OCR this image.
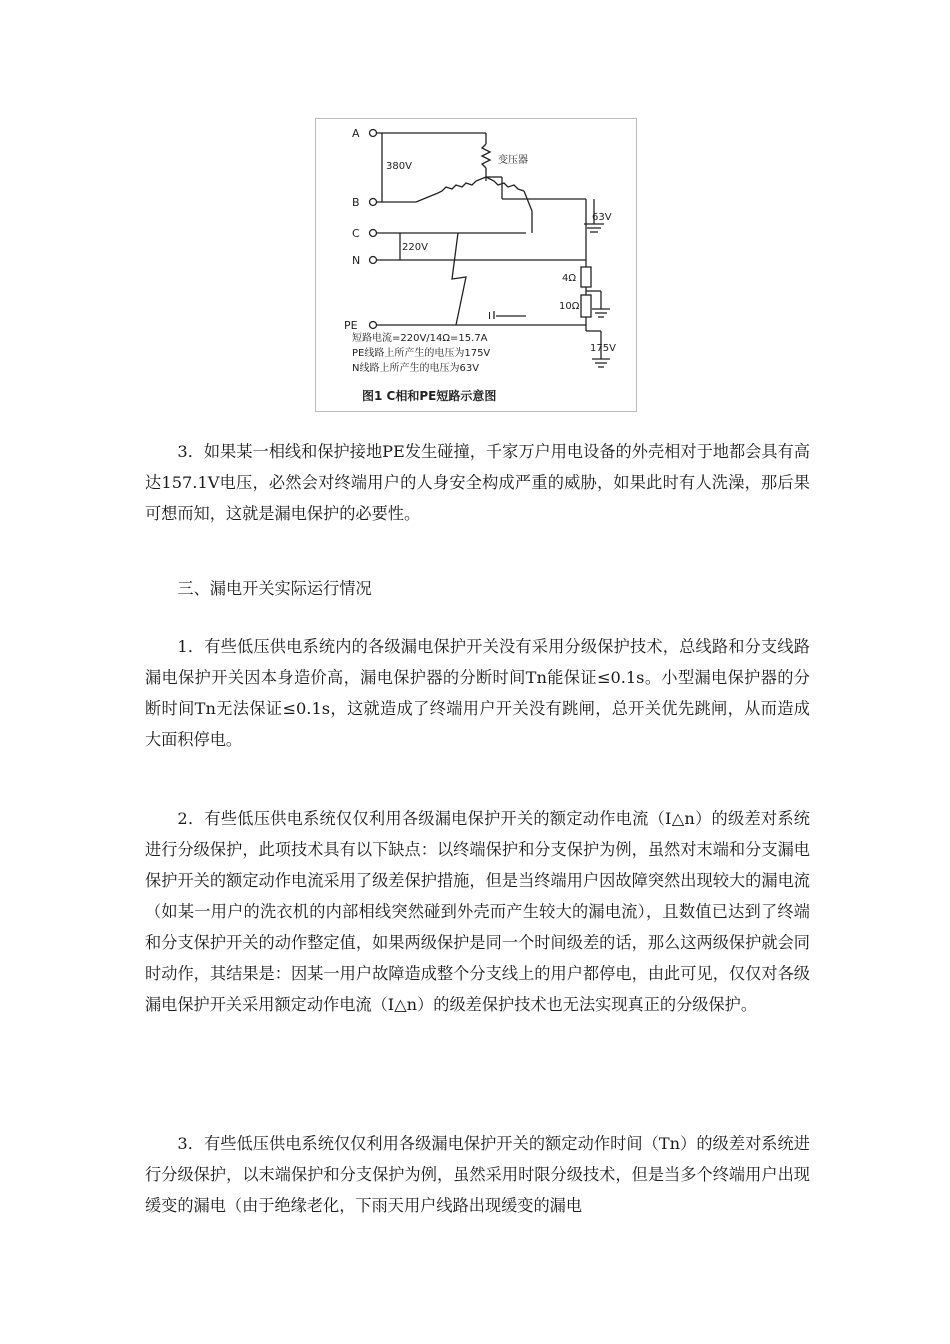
A
B
C
N
PE
380V
220V
变压器
63V
4Ω
10Ω
175V
I
短路电流=220V/14Ω=15.7A
PE线路上所产生的电压为175V
N线路上所产生的电压为63V
图1 C相和PE短路示意图

3．如果某一相线和保护接地PE发生碰撞，千家万户用电设备的外壳相对于地都会具有高达157.1V电压，必然会对终端用户的人身安全构成严重的威胁，如果此时有人洗澡，那后果可想而知，这就是漏电保护的必要性。

三、漏电开关实际运行情况

1．有些低压供电系统内的各级漏电保护开关没有采用分级保护技术，总线路和分支线路漏电保护开关因本身造价高，漏电保护器的分断时间Tn能保证≤0.1s。小型漏电保护器的分断时间Tn无法保证≤0.1s，这就造成了终端用户开关没有跳闸，总开关优先跳闸，从而造成大面积停电。

2．有些低压供电系统仅仅利用各级漏电保护开关的额定动作电流（I△n）的级差对系统进行分级保护，此项技术具有以下缺点：以终端保护和分支保护为例，虽然对末端和分支漏电保护开关的额定动作电流采用了级差保护措施，但是当终端用户因故障突然出现较大的漏电流（如某一用户的洗衣机的内部相线突然碰到外壳而产生较大的漏电流），且数值已达到了终端和分支保护开关的动作整定值，如果两级保护是同一个时间级差的话，那么这两级保护就会同时动作，其结果是：因某一用户故障造成整个分支线上的用户都停电，由此可见，仅仅对各级漏电保护开关采用额定动作电流（I△n）的级差保护技术也无法实现真正的分级保护。

3．有些低压供电系统仅仅利用各级漏电保护开关的额定动作时间（Tn）的级差对系统进行分级保护，以末端保护和分支保护为例，虽然采用时限分级技术，但是当多个终端用户出现缓变的漏电（由于绝缘老化，下雨天用户线路出现缓变的漏电
